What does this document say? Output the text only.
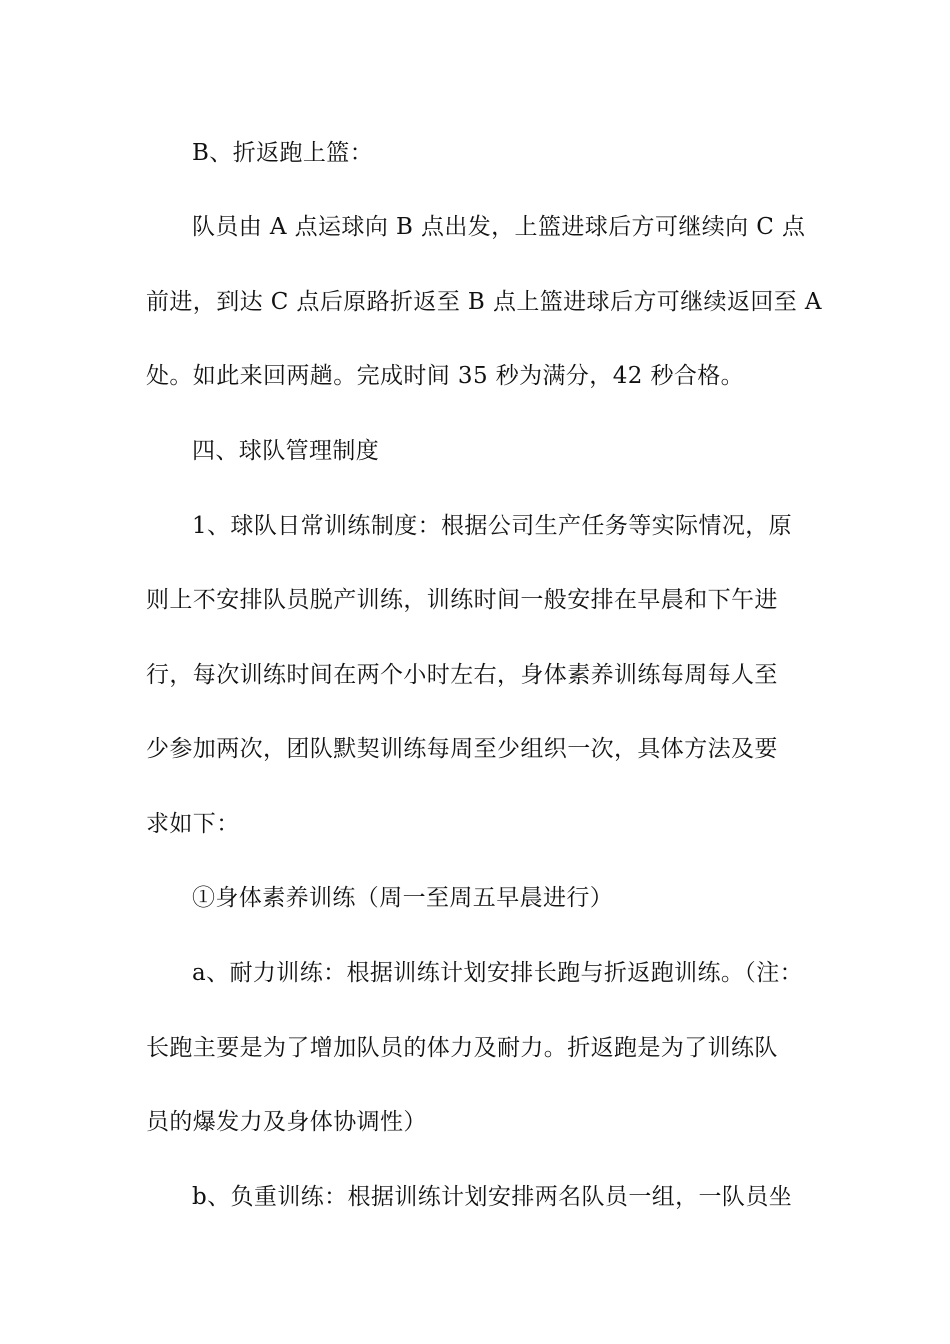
B、折返跑上篮：
队员由 A 点运球向 B 点出发，上篮进球后方可继续向 C 点
前进，到达 C 点后原路折返至 B 点上篮进球后方可继续返回至 A
处。如此来回两趟。完成时间 35 秒为满分，42 秒合格。
四、球队管理制度
1、球队日常训练制度：根据公司生产任务等实际情况，原
则上不安排队员脱产训练，训练时间一般安排在早晨和下午进
行，每次训练时间在两个小时左右，身体素养训练每周每人至
少参加两次，团队默契训练每周至少组织一次，具体方法及要
求如下：
①身体素养训练（周一至周五早晨进行）
a、耐力训练：根据训练计划安排长跑与折返跑训练。（注：
长跑主要是为了增加队员的体力及耐力。折返跑是为了训练队
员的爆发力及身体协调性）
b、负重训练：根据训练计划安排两名队员一组，一队员坐
